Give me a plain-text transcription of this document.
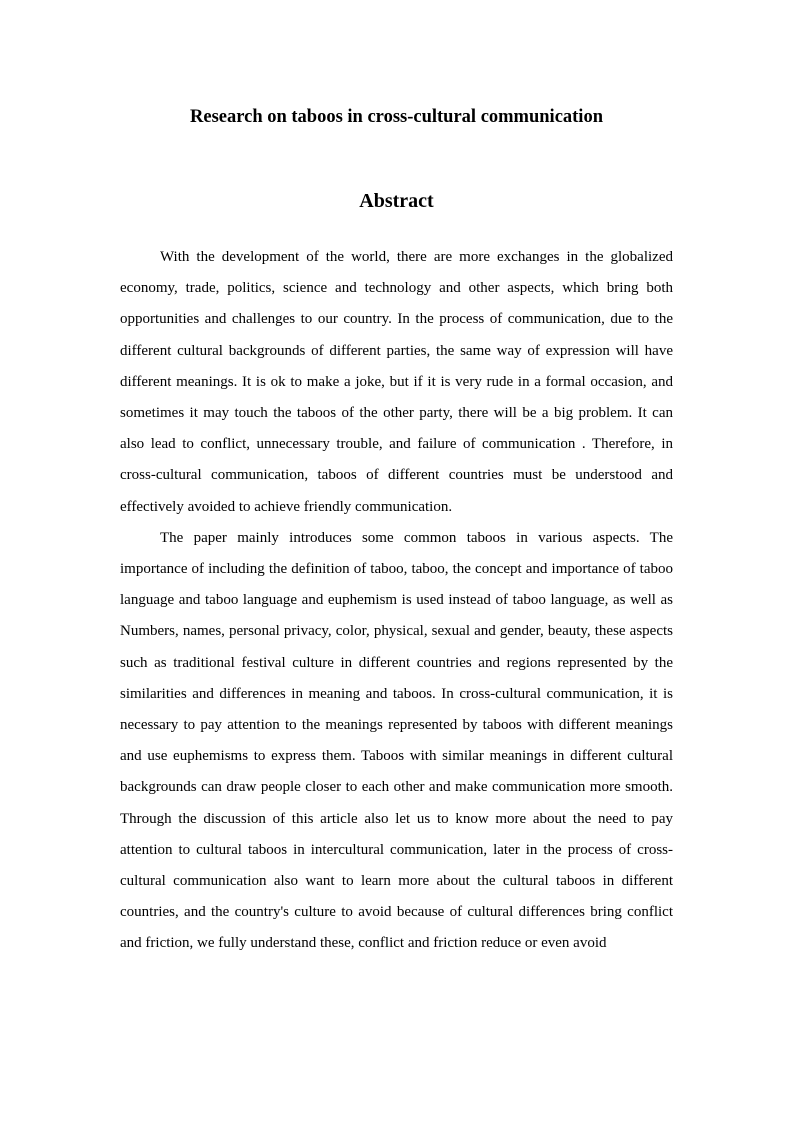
Research on taboos in cross-cultural communication
Abstract

With the development of the world, there are more exchanges in the globalized economy, trade, politics, science and technology and other aspects, which bring both opportunities and challenges to our country. In the process of communication, due to the different cultural backgrounds of different parties, the same way of expression will have different meanings. It is ok to make a joke, but if it is very rude in a formal occasion, and sometimes it may touch the taboos of the other party, there will be a big problem. It can also lead to conflict, unnecessary trouble, and failure of communication . Therefore, in cross-cultural communication, taboos of different countries must be understood and effectively avoided to achieve friendly communication.

The paper mainly introduces some common taboos in various aspects. The importance of including the definition of taboo, taboo, the concept and importance of taboo language and taboo language and euphemism is used instead of taboo language, as well as Numbers, names, personal privacy, color, physical, sexual and gender, beauty, these aspects such as traditional festival culture in different countries and regions represented by the similarities and differences in meaning and taboos. In cross-cultural communication, it is necessary to pay attention to the meanings represented by taboos with different meanings and use euphemisms to express them. Taboos with similar meanings in different cultural backgrounds can draw people closer to each other and make communication more smooth. Through the discussion of this article also let us to know more about the need to pay attention to cultural taboos in intercultural communication, later in the process of cross-cultural communication also want to learn more about the cultural taboos in different countries, and the country's culture to avoid because of cultural differences bring conflict and friction, we fully understand these, conflict and friction reduce or even avoid
